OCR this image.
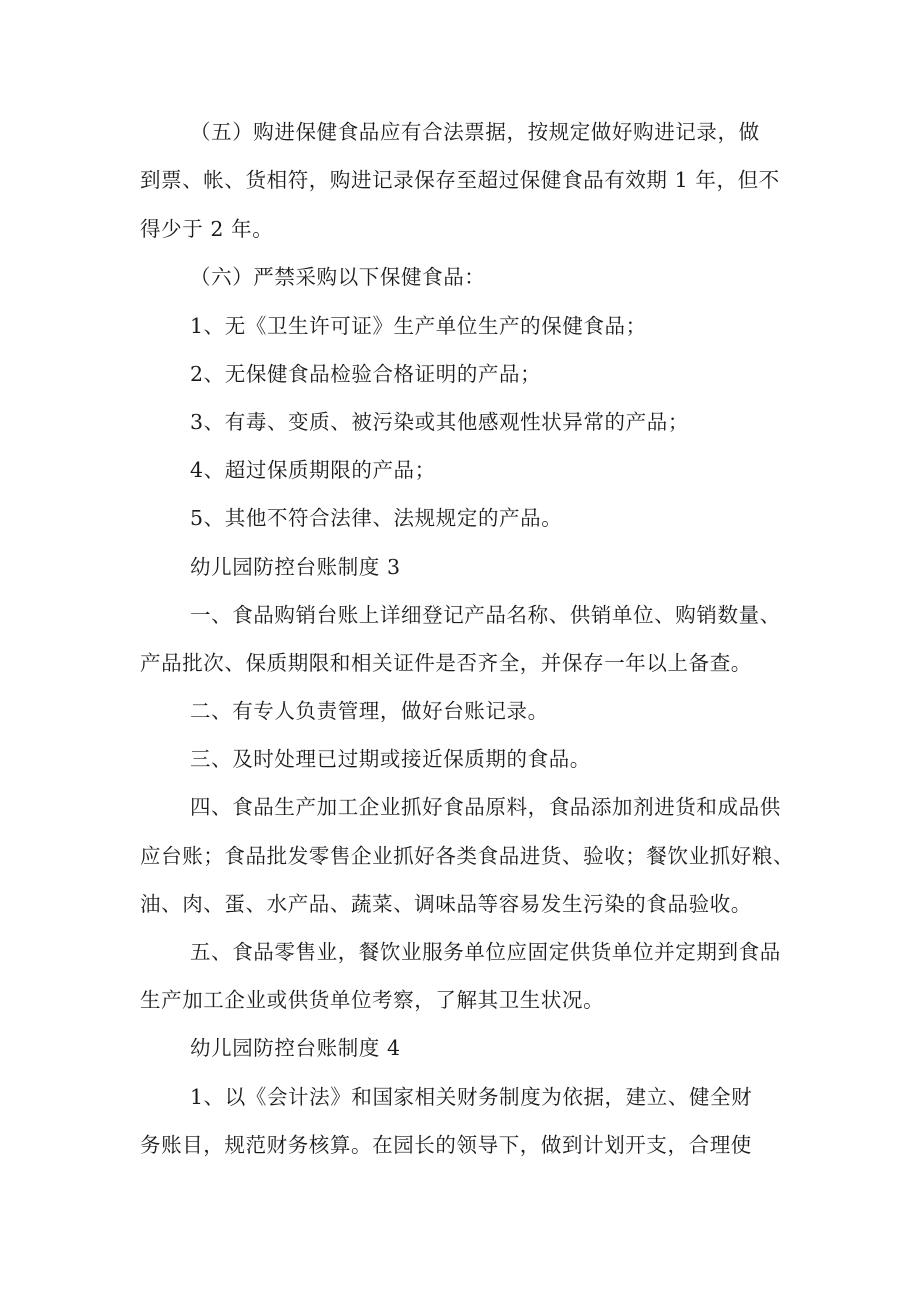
（五）购进保健食品应有合法票据，按规定做好购进记录，做
到票、帐、货相符，购进记录保存至超过保健食品有效期 1 年，但不
得少于 2 年。
（六）严禁采购以下保健食品：
1、无《卫生许可证》生产单位生产的保健食品；
2、无保健食品检验合格证明的产品；
3、有毒、变质、被污染或其他感观性状异常的产品；
4、超过保质期限的产品；
5、其他不符合法律、法规规定的产品。
幼儿园防控台账制度 3
一、食品购销台账上详细登记产品名称、供销单位、购销数量、
产品批次、保质期限和相关证件是否齐全，并保存一年以上备查。
二、有专人负责管理，做好台账记录。
三、及时处理已过期或接近保质期的食品。
四、食品生产加工企业抓好食品原料，食品添加剂进货和成品供
应台账；食品批发零售企业抓好各类食品进货、验收；餐饮业抓好粮、
油、肉、蛋、水产品、蔬菜、调味品等容易发生污染的食品验收。
五、食品零售业，餐饮业服务单位应固定供货单位并定期到食品
生产加工企业或供货单位考察，了解其卫生状况。
幼儿园防控台账制度 4
1、以《会计法》和国家相关财务制度为依据，建立、健全财
务账目，规范财务核算。在园长的领导下，做到计划开支，合理使
